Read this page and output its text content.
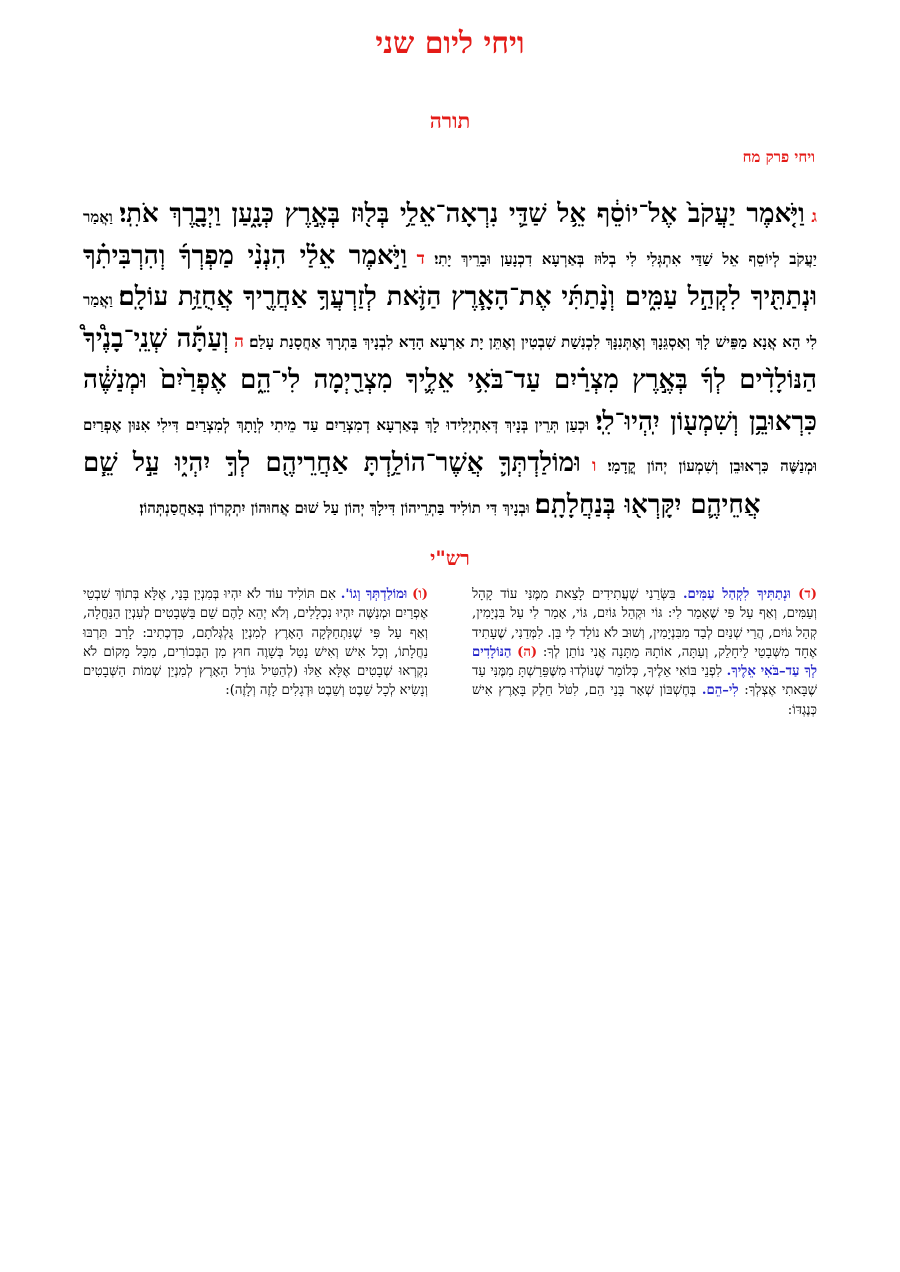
ויחי ליום שני
תורה
ויחי פרק מח
ג וַיֹּ֤אמֶר יַעֲקֹב֙ אֶל־יוֹסֵ֔ף אֵ֥ל שַׁדַּ֛י נִרְאָה־אֵלַ֥י בְּל֖וּז בְּאֶ֣רֶץ כְּנָ֑עַן וַיְבָ֖רֶךְ אֹתִֽי׃ וַאֲמַר יַעֲקֹב לְיוֹסֵף אֵל שַׁדַּי אִתְגְּלִי לִי בְלוּז בְּאַרְעָא דִכְנָעַן וּבָרֵיךְ יָתִי׃ ד וַיֹּ֣אמֶר אֵלַ֗י הִנְנִ֨י מַפְרְךָ֜ וְהִרְבִּיתִ֗ךָ וּנְתַתִּ֖יךָ לִקְהַ֣ל עַמִּ֑ים וְנָ֨תַתִּ֜י אֶת־הָאָ֧רֶץ הַזֹּ֛את לְזַרְעֲךָ֥ אַחֲרֶ֖יךָ אֲחֻזַּ֥ת עוֹלָֽם׃ וַאֲמַר לִי הָא אֲנָא מַפֵּישׁ לָךְ וְאַסְגֵּנָךְ וְאֶתְּנִנָּךְ לִכְנִשַׁת שִׁבְטִין וְאֶתֵּן יָת אַרְעָא הָדָא לִבְנָיךְ בַּתְרָךְ אַחֲסָנַת עָלַם׃ ה וְעַתָּ֡ה שְׁנֵֽי־בָנֶ֩יךָ֩ הַנּוֹלָדִ֨ים לְךָ֜ בְּאֶ֣רֶץ מִצְרַ֗יִם עַד־בֹּאִ֥י אֵלֶ֛יךָ מִצְרַ֖יְמָה לִי־הֵ֑ם אֶפְרַ֙יִם֙ וּמְנַשֶּׁ֔ה כִּרְאוּבֵ֥ן וְשִׁמְע֖וֹן יִֽהְיוּ־לִֽי׃ וּכְעַן תְּרֵין בְּנָיךְ דְּאִתְיְלִידוּ לָךְ בְּאַרְעָא דְמִצְרַיִם עַד מֵיתִי לְוָתָךְ לְמִצְרַיִם דִּילִי אִנּוּן אֶפְרַיִם וּמְנַשֶּׁה כִּרְאוּבֵן וְשִׁמְעוֹן יְהוֹן קֳדָמָי׃ ו וּמוֹלַדְתְּךָ֛ אֲשֶׁר־הוֹלַ֥דְתָּ אַחֲרֵיהֶ֖ם לְךָ֣ יִהְי֑וּ עַ֣ל שֵׁ֧ם אֲחֵיהֶ֛ם יִקָּרְא֖וּ בְּנַחֲלָתָֽם׃ וּבְנָיךְ דִּי תוֹלִיד בַּתְרֵיהוֹן דִּילָךְ יְהוֹן עַל שׁוּם אֲחוּהוֹן יִתְקְרוֹן בְּאַחֲסַנְתְּהוֹן׃
רש"י
(ד) וּנְתַתִּיךָ לִקְהַל עַמִּים. בִּשְּׂרַנִי שֶׁעֲתִידִים לָצֵאת מִמֶּנִּי עוֹד קָהָל וְעַמִּים, וְאַף עַל פִּי שֶׁאָמַר לִי: גּוֹי וּקְהַל גּוֹיִם, גּוֹי, אָמַר לִי עַל בִּנְיָמִין, קְהַל גּוֹיִם, הֲרֵי שְׁנַיִם לְבַד מִבִּנְיָמִין, וְשׁוּב לֹא נוֹלַד לִי בֵּן. לִמְּדַנִי, שֶׁעָתִיד אֶחָד מִשְּׁבָטַי לֵיחָלֵק, וְעַתָּה, אוֹתָהּ מַתָּנָה אֲנִי נוֹתֵן לְךָ: (ה) הַנּוֹלָדִים לְךָ עַד–בֹּאִי אֵלֶיךָ. לִפְנֵי בּוֹאִי אֵלֶיךָ, כְּלוֹמַר שֶׁנּוֹלְדוּ מִשֶּׁפֵּרַשְׁתָּ מִמֶּנִּי עַד שֶׁבָּאתִי אֶצְלְךָ: לִי–הֵם. בְּחֶשְׁבּוֹן שְׁאָר בָּנַי הֵם, לִטֹּל חֵלֶק בָּאָרֶץ אִישׁ כְּנֶגְדּוֹ:
(ו) וּמוֹלַדְתְּךָ וְגוֹ'. אִם תּוֹלִיד עוֹד לֹא יִהְיוּ בְּמִנְיַן בָּנַי, אֶלָּא בְּתוֹךְ שִׁבְטֵי אֶפְרַיִם וּמְנַשֶּׁה יִהְיוּ נִכְלָלִים, וְלֹא יְהֵא לָהֶם שֵׁם בַּשְּׁבָטִים לְעִנְיַן הַנַּחֲלָה, וְאַף עַל פִּי שֶׁנִּתְחַלְּקָה הָאָרֶץ לְמִנְיַן גֻּלְגְּלֹתָם, כִּדְכְתִיב: לָרַב תַּרְבּוּ נַחֲלָתוֹ, וְכָל אִישׁ וְאִישׁ נָטַל בְּשָׁוֶה חוּץ מִן הַבְּכוֹרִים, מִכָּל מָקוֹם לֹא נִקְרְאוּ שְׁבָטִים אֶלָּא אֵלּוּ (לְהַטִּיל גּוֹרָל הָאָרֶץ לְמִנְיַן שְׁמוֹת הַשְּׁבָטִים וְנָשִׂיא לְכָל שֵׁבֶט וְשֵׁבֶט וּדְגָלִים לָזֶה וְלָזֶה):
